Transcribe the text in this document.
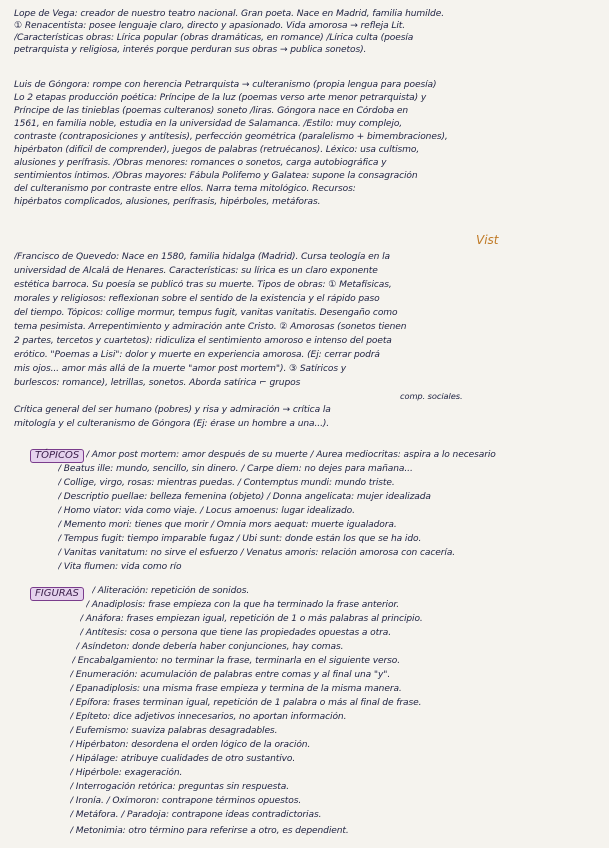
Lope de Vega: creador de nuestro teatro nacional. Gran poeta. Nace en Madrid, familia humilde.
① Renacentista: posee lenguaje claro, directo y apasionado. Vida amorosa → refleja Lit.
/Características obras: Lírica popular (obras dramáticas, en romance) /Lírica culta (poesía
petrarquista y religiosa, interés porque perduran sus obras → publica sonetos).
Luis de Góngora: rompe con herencia Petrarquista → culteranismo (propia lengua para poesía)
Lo 2 etapas producción poética: Príncipe de la luz (poemas verso arte menor petrarquista) y
Príncipe de las tinieblas (poemas culteranos) soneto /liras. Góngora nace en Córdoba en
1561, en familia noble, estudia en la universidad de Salamanca. /Estilo: muy complejo,
contraste (contraposiciones y antítesis), perfección geométrica (paralelismo + bimembraciones),
hipérbaton (difícil de comprender), juegos de palabras (retruécanos). Léxico: usa cultismo,
alusiones y perífrasis. /Obras menores: romances o sonetos, carga autobiográfica y
sentimientos íntimos. /Obras mayores: Fábula Polifemo y Galatea: supone la consagración
del culteranismo por contraste entre ellos. Narra tema mitológico. Recursos:
hipérbatos complicados, alusiones, perífrasis, hipérboles, metáforas.
Vist
/Francisco de Quevedo: Nace en 1580, familia hidalga (Madrid). Cursa teología en la
universidad de Alcalá de Henares. Características: su lírica es un claro exponente
estética barroca. Su poesía se publicó tras su muerte. Tipos de obras: ① Metafísicas,
morales y religiosos: reflexionan sobre el sentido de la existencia y el rápido paso
del tiempo. Tópicos: collige mormur, tempus fugit, vanitas vanitatis. Desengaño como
tema pesimista. Arrepentimiento y admiración ante Cristo. ② Amorosas (sonetos tienen
2 partes, tercetos y cuartetos): ridiculiza el sentimiento amoroso e intenso del poeta
erótico. "Poemas a Lisi": dolor y muerte en experiencia amorosa. (Ej: cerrar podrá
mis ojos... amor más allá de la muerte "amor post mortem"). ③ Satíricos y
burlescos: romance), letrillas, sonetos. Aborda satírica ⌐ grupos
comp. sociales.
Crítica general del ser humano (pobres) y risa y admiración → crítica la
mitología y el culteranismo de Góngora (Ej: érase un hombre a una...).
TÓPICOS / Amor post mortem: amor después de su muerte / Aurea mediocritas: aspira a lo necesario
/ Beatus ille: mundo, sencillo, sin dinero. / Carpe diem: no dejes para mañana...
/ Collige, virgo, rosas: mientras puedas. / Contemptus mundi: mundo triste.
/ Descriptio puellae: belleza femenina (objeto) / Donna angelicata: mujer idealizada
/ Homo viator: vida como viaje. / Locus amoenus: lugar idealizado.
/ Memento mori: tienes que morir / Omnia mors aequat: muerte igualadora.
/ Tempus fugit: tiempo imparable fugaz / Ubi sunt: donde están los que se ha ido.
/ Vanitas vanitatum: no sirve el esfuerzo / Venatus amoris: relación amorosa con cacería.
/ Vita flumen: vida como río
FIGURAS	/ Aliteración: repetición de sonidos.
/ Anadiplosis: frase empieza con la que ha terminado la frase anterior.
/ Anáfora: frases empiezan igual, repetición de 1 o más palabras al principio.
/ Antítesis: cosa o persona que tiene las propiedades opuestas a otra.
/ Asíndeton: donde debería haber conjunciones, hay comas.
/ Encabalgamiento: no terminar la frase, terminarla en el siguiente verso.
/ Enumeración: acumulación de palabras entre comas y al final una "y".
/ Epanadiplosis: una misma frase empieza y termina de la misma manera.
/ Epífora: frases terminan igual, repetición de 1 palabra o más al final de frase.
/ Epíteto: dice adjetivos innecesarios, no aportan información.
/ Eufemismo: suaviza palabras desagradables.
/ Hipérbaton: desordena el orden lógico de la oración.
/ Hipálage: atribuye cualidades de otro sustantivo.
/ Hipérbole: exageración.
/ Interrogación retórica: preguntas sin respuesta.
/ Ironía. / Oxímoron: contrapone términos opuestos.
/ Metáfora. / Paradoja: contrapone ideas contradictorias.
/ Metonimia: otro término para referirse a otro, es dependient.
